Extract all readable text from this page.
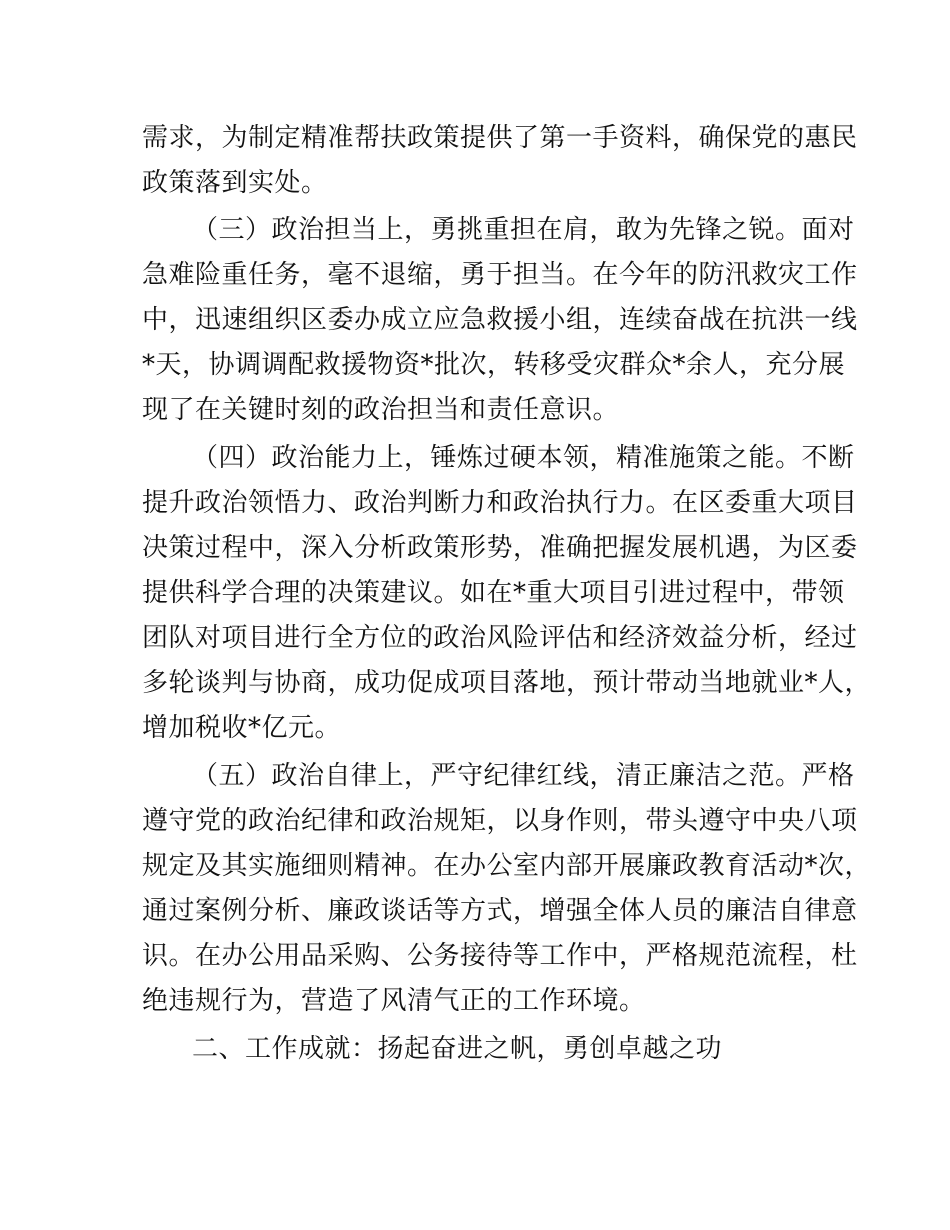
需求，为制定精准帮扶政策提供了第一手资料，确保党的惠民
政策落到实处。
（三）政治担当上，勇挑重担在肩，敢为先锋之锐。面对
急难险重任务，毫不退缩，勇于担当。在今年的防汛救灾工作
中，迅速组织区委办成立应急救援小组，连续奋战在抗洪一线
*天，协调调配救援物资*批次，转移受灾群众*余人，充分展
现了在关键时刻的政治担当和责任意识。
（四）政治能力上，锤炼过硬本领，精准施策之能。不断
提升政治领悟力、政治判断力和政治执行力。在区委重大项目
决策过程中，深入分析政策形势，准确把握发展机遇，为区委
提供科学合理的决策建议。如在*重大项目引进过程中，带领
团队对项目进行全方位的政治风险评估和经济效益分析，经过
多轮谈判与协商，成功促成项目落地，预计带动当地就业*人，
增加税收*亿元。
（五）政治自律上，严守纪律红线，清正廉洁之范。严格
遵守党的政治纪律和政治规矩，以身作则，带头遵守中央八项
规定及其实施细则精神。在办公室内部开展廉政教育活动*次，
通过案例分析、廉政谈话等方式，增强全体人员的廉洁自律意
识。在办公用品采购、公务接待等工作中，严格规范流程，杜
绝违规行为，营造了风清气正的工作环境。
二、工作成就：扬起奋进之帆，勇创卓越之功
